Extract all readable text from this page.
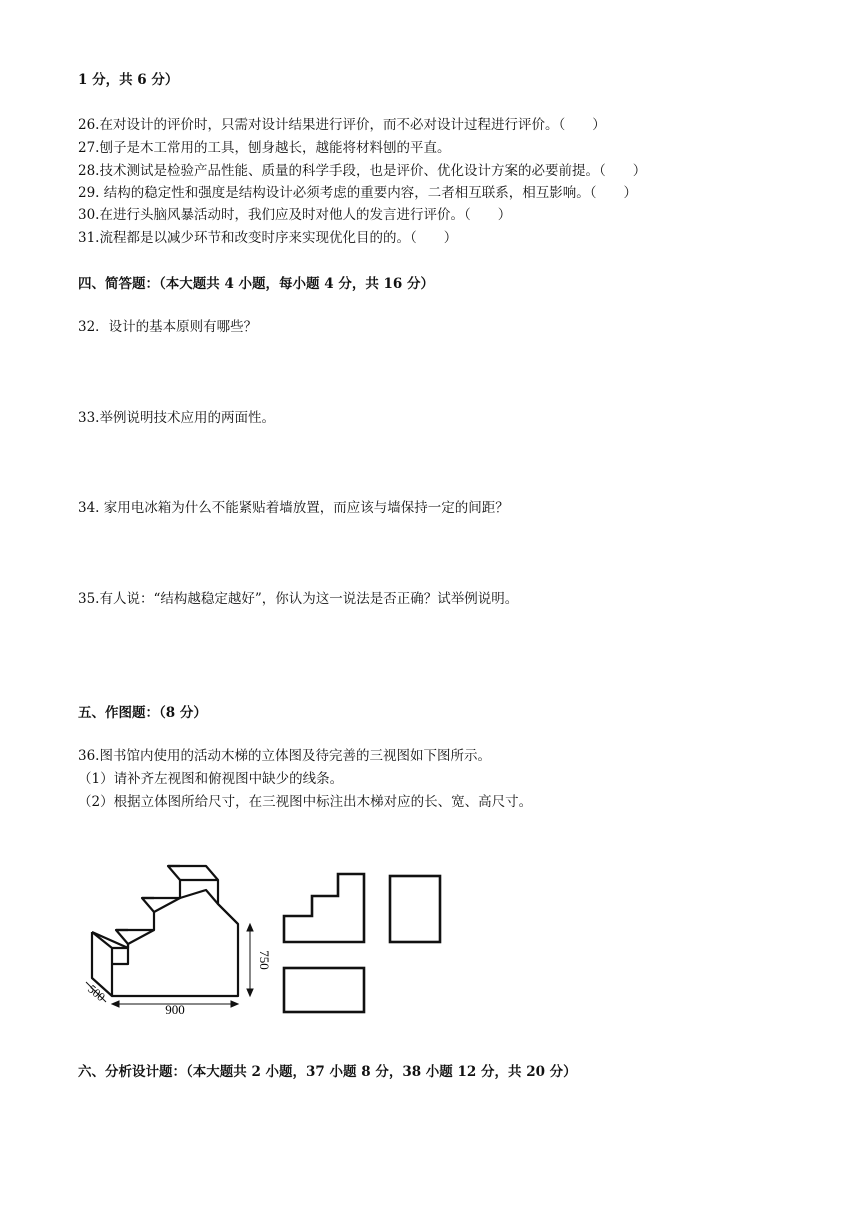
1 分，共 6 分）
26.在对设计的评价时，只需对设计结果进行评价，而不必对设计过程进行评价。（　　）
27.刨子是木工常用的工具，刨身越长，越能将材料刨的平直。
28.技术测试是检验产品性能、质量的科学手段，也是评价、优化设计方案的必要前提。（　　）
29. 结构的稳定性和强度是结构设计必须考虑的重要内容，二者相互联系，相互影响。（　　）
30.在进行头脑风暴活动时，我们应及时对他人的发言进行评价。（　　）
31.流程都是以减少环节和改变时序来实现优化目的的。（　　）
四、简答题：（本大题共 4 小题，每小题 4 分，共 16 分）
32．设计的基本原则有哪些？
33.举例说明技术应用的两面性。
34. 家用电冰箱为什么不能紧贴着墙放置，而应该与墙保持一定的间距？
35.有人说：“结构越稳定越好”，你认为这一说法是否正确？试举例说明。
五、作图题：（8 分）
36.图书馆内使用的活动木梯的立体图及待完善的三视图如下图所示。
（1）请补齐左视图和俯视图中缺少的线条。
（2）根据立体图所给尺寸，在三视图中标注出木梯对应的长、宽、高尺寸。
900
750
500
六、分析设计题：（本大题共 2 小题，37 小题 8 分，38 小题 12 分，共 20 分）
